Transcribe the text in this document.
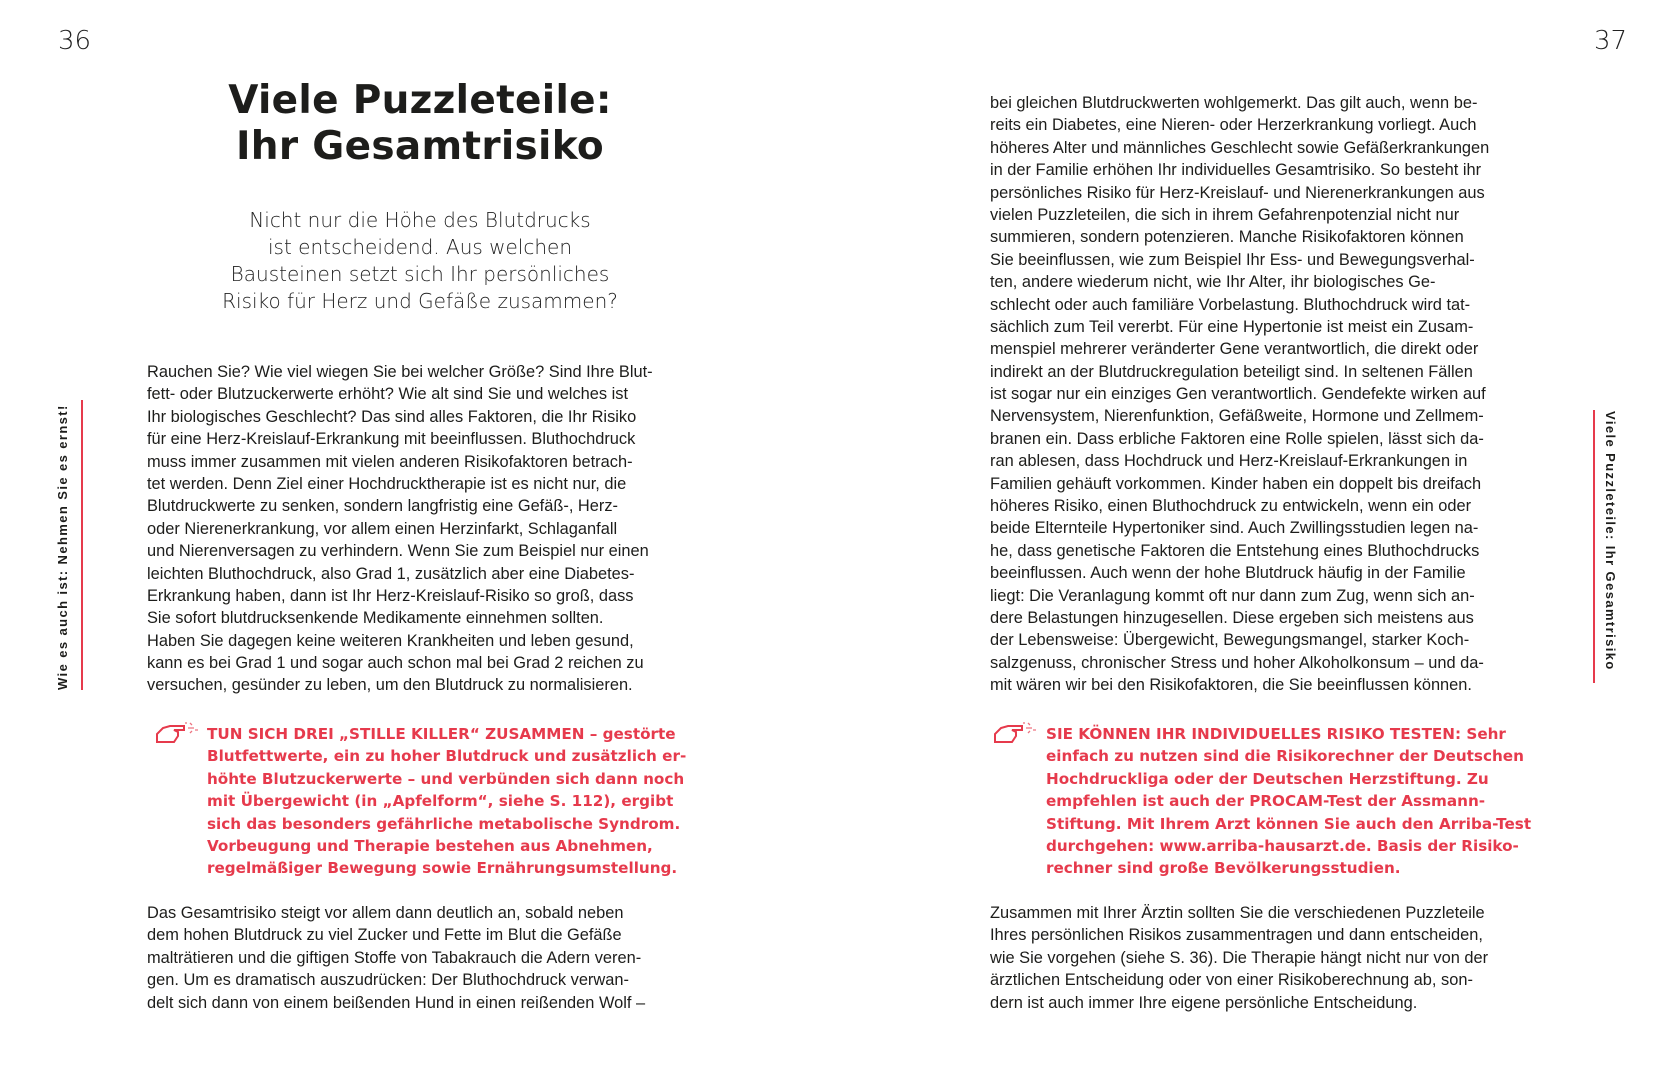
36	37
Wie es auch ist: Nehmen Sie es ernst!	Viele Puzzleteile: Ihr Gesamtrisiko
Viele Puzzleteile:
Ihr Gesamtrisiko
Nicht nur die Höhe des Blutdrucks
ist entscheidend. Aus welchen
Bausteinen setzt sich Ihr persönliches
Risiko für Herz und Gefäße zusammen?
Rauchen Sie? Wie viel wiegen Sie bei welcher Größe? Sind Ihre Blut-
fett- oder Blutzuckerwerte erhöht? Wie alt sind Sie und welches ist
Ihr biologisches Geschlecht? Das sind alles Faktoren, die Ihr Risiko
für eine Herz-Kreislauf-Erkrankung mit beeinflussen. Bluthochdruck
muss immer zusammen mit vielen anderen Risikofaktoren betrach-
tet werden. Denn Ziel einer Hochdrucktherapie ist es nicht nur, die
Blutdruckwerte zu senken, sondern langfristig eine Gefäß-, Herz-
oder Nierenerkrankung, vor allem einen Herzinfarkt, Schlaganfall
und Nierenversagen zu verhindern. Wenn Sie zum Beispiel nur einen
leichten Bluthochdruck, also Grad 1, zusätzlich aber eine Diabetes-
Erkrankung haben, dann ist Ihr Herz-Kreislauf-Risiko so groß, dass
Sie sofort blutdrucksenkende Medikamente einnehmen sollten.
Haben Sie dagegen keine weiteren Krankheiten und leben gesund,
kann es bei Grad 1 und sogar auch schon mal bei Grad 2 reichen zu
versuchen, gesünder zu leben, um den Blutdruck zu normalisieren.
TUN SICH DREI „STILLE KILLER“ ZUSAMMEN – gestörte
Blutfettwerte, ein zu hoher Blutdruck und zusätzlich er-
höhte Blutzuckerwerte – und verbünden sich dann noch
mit Übergewicht (in „Apfelform“, siehe S. 112), ergibt
sich das besonders gefährliche metabolische Syndrom.
Vorbeugung und Therapie bestehen aus Abnehmen,
regelmäßiger Bewegung sowie Ernährungsumstellung.
Das Gesamtrisiko steigt vor allem dann deutlich an, sobald neben
dem hohen Blutdruck zu viel Zucker und Fette im Blut die Gefäße
malträtieren und die giftigen Stoffe von Tabakrauch die Adern veren-
gen. Um es dramatisch auszudrücken: Der Bluthochdruck verwan-
delt sich dann von einem beißenden Hund in einen reißenden Wolf –
bei gleichen Blutdruckwerten wohlgemerkt. Das gilt auch, wenn be-
reits ein Diabetes, eine Nieren- oder Herzerkrankung vorliegt. Auch
höheres Alter und männliches Geschlecht sowie Gefäßerkrankungen
in der Familie erhöhen Ihr individuelles Gesamtrisiko. So besteht ihr
persönliches Risiko für Herz-Kreislauf- und Nierenerkrankungen aus
vielen Puzzleteilen, die sich in ihrem Gefahrenpotenzial nicht nur
summieren, sondern potenzieren. Manche Risikofaktoren können
Sie beeinflussen, wie zum Beispiel Ihr Ess- und Bewegungsverhal-
ten, andere wiederum nicht, wie Ihr Alter, ihr biologisches Ge-
schlecht oder auch familiäre Vorbelastung. Bluthochdruck wird tat-
sächlich zum Teil vererbt. Für eine Hypertonie ist meist ein Zusam-
menspiel mehrerer veränderter Gene verantwortlich, die direkt oder
indirekt an der Blutdruckregulation beteiligt sind. In seltenen Fällen
ist sogar nur ein einziges Gen verantwortlich. Gendefekte wirken auf
Nervensystem, Nierenfunktion, Gefäßweite, Hormone und Zellmem-
branen ein. Dass erbliche Faktoren eine Rolle spielen, lässt sich da-
ran ablesen, dass Hochdruck und Herz-Kreislauf-Erkrankungen in
Familien gehäuft vorkommen. Kinder haben ein doppelt bis dreifach
höheres Risiko, einen Bluthochdruck zu entwickeln, wenn ein oder
beide Elternteile Hypertoniker sind. Auch Zwillingsstudien legen na-
he, dass genetische Faktoren die Entstehung eines Bluthochdrucks
beeinflussen. Auch wenn der hohe Blutdruck häufig in der Familie
liegt: Die Veranlagung kommt oft nur dann zum Zug, wenn sich an-
dere Belastungen hinzugesellen. Diese ergeben sich meistens aus
der Lebensweise: Übergewicht, Bewegungsmangel, starker Koch-
salzgenuss, chronischer Stress und hoher Alkoholkonsum – und da-
mit wären wir bei den Risikofaktoren, die Sie beeinflussen können.
SIE KÖNNEN IHR INDIVIDUELLES RISIKO TESTEN: Sehr
einfach zu nutzen sind die Risikorechner der Deutschen
Hochdruckliga oder der Deutschen Herzstiftung. Zu
empfehlen ist auch der PROCAM-Test der Assmann-
Stiftung. Mit Ihrem Arzt können Sie auch den Arriba-Test
durchgehen: www.arriba-hausarzt.de. Basis der Risiko-
rechner sind große Bevölkerungsstudien.
Zusammen mit Ihrer Ärztin sollten Sie die verschiedenen Puzzleteile
Ihres persönlichen Risikos zusammentragen und dann entscheiden,
wie Sie vorgehen (siehe S. 36). Die Therapie hängt nicht nur von der
ärztlichen Entscheidung oder von einer Risikoberechnung ab, son-
dern ist auch immer Ihre eigene persönliche Entscheidung.
